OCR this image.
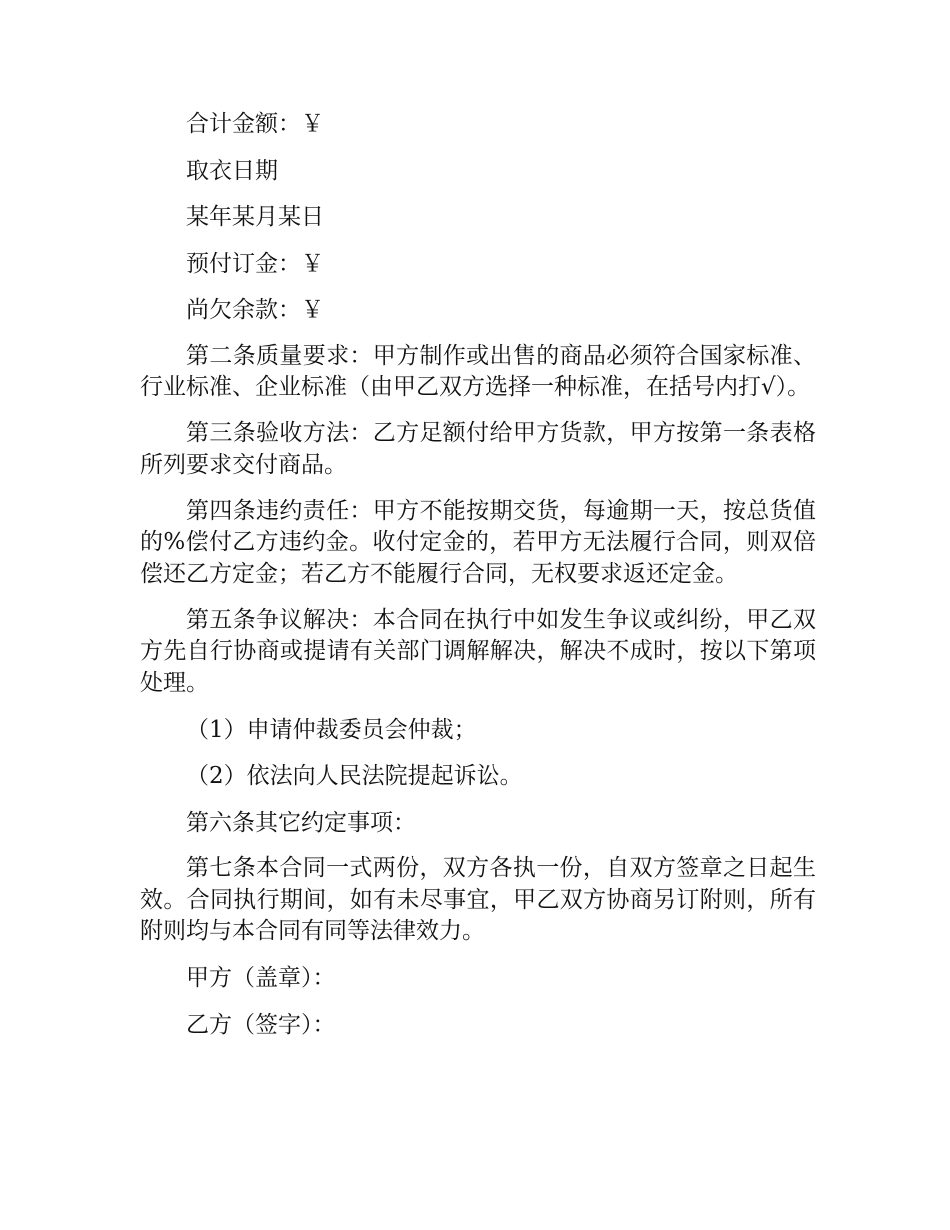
合计金额：￥

取衣日期

某年某月某日

预付订金：￥

尚欠余款：￥

第二条质量要求：甲方制作或出售的商品必须符合国家标准、行业标准、企业标准（由甲乙双方选择一种标准，在括号内打√）。

第三条验收方法：乙方足额付给甲方货款，甲方按第一条表格所列要求交付商品。

第四条违约责任：甲方不能按期交货，每逾期一天，按总货值的%偿付乙方违约金。收付定金的，若甲方无法履行合同，则双倍偿还乙方定金；若乙方不能履行合同，无权要求返还定金。

第五条争议解决：本合同在执行中如发生争议或纠纷，甲乙双方先自行协商或提请有关部门调解解决，解决不成时，按以下第项处理。

（1）申请仲裁委员会仲裁；

（2）依法向人民法院提起诉讼。

第六条其它约定事项：

第七条本合同一式两份，双方各执一份，自双方签章之日起生效。合同执行期间，如有未尽事宜，甲乙双方协商另订附则，所有附则均与本合同有同等法律效力。

甲方（盖章）：

乙方（签字）：
